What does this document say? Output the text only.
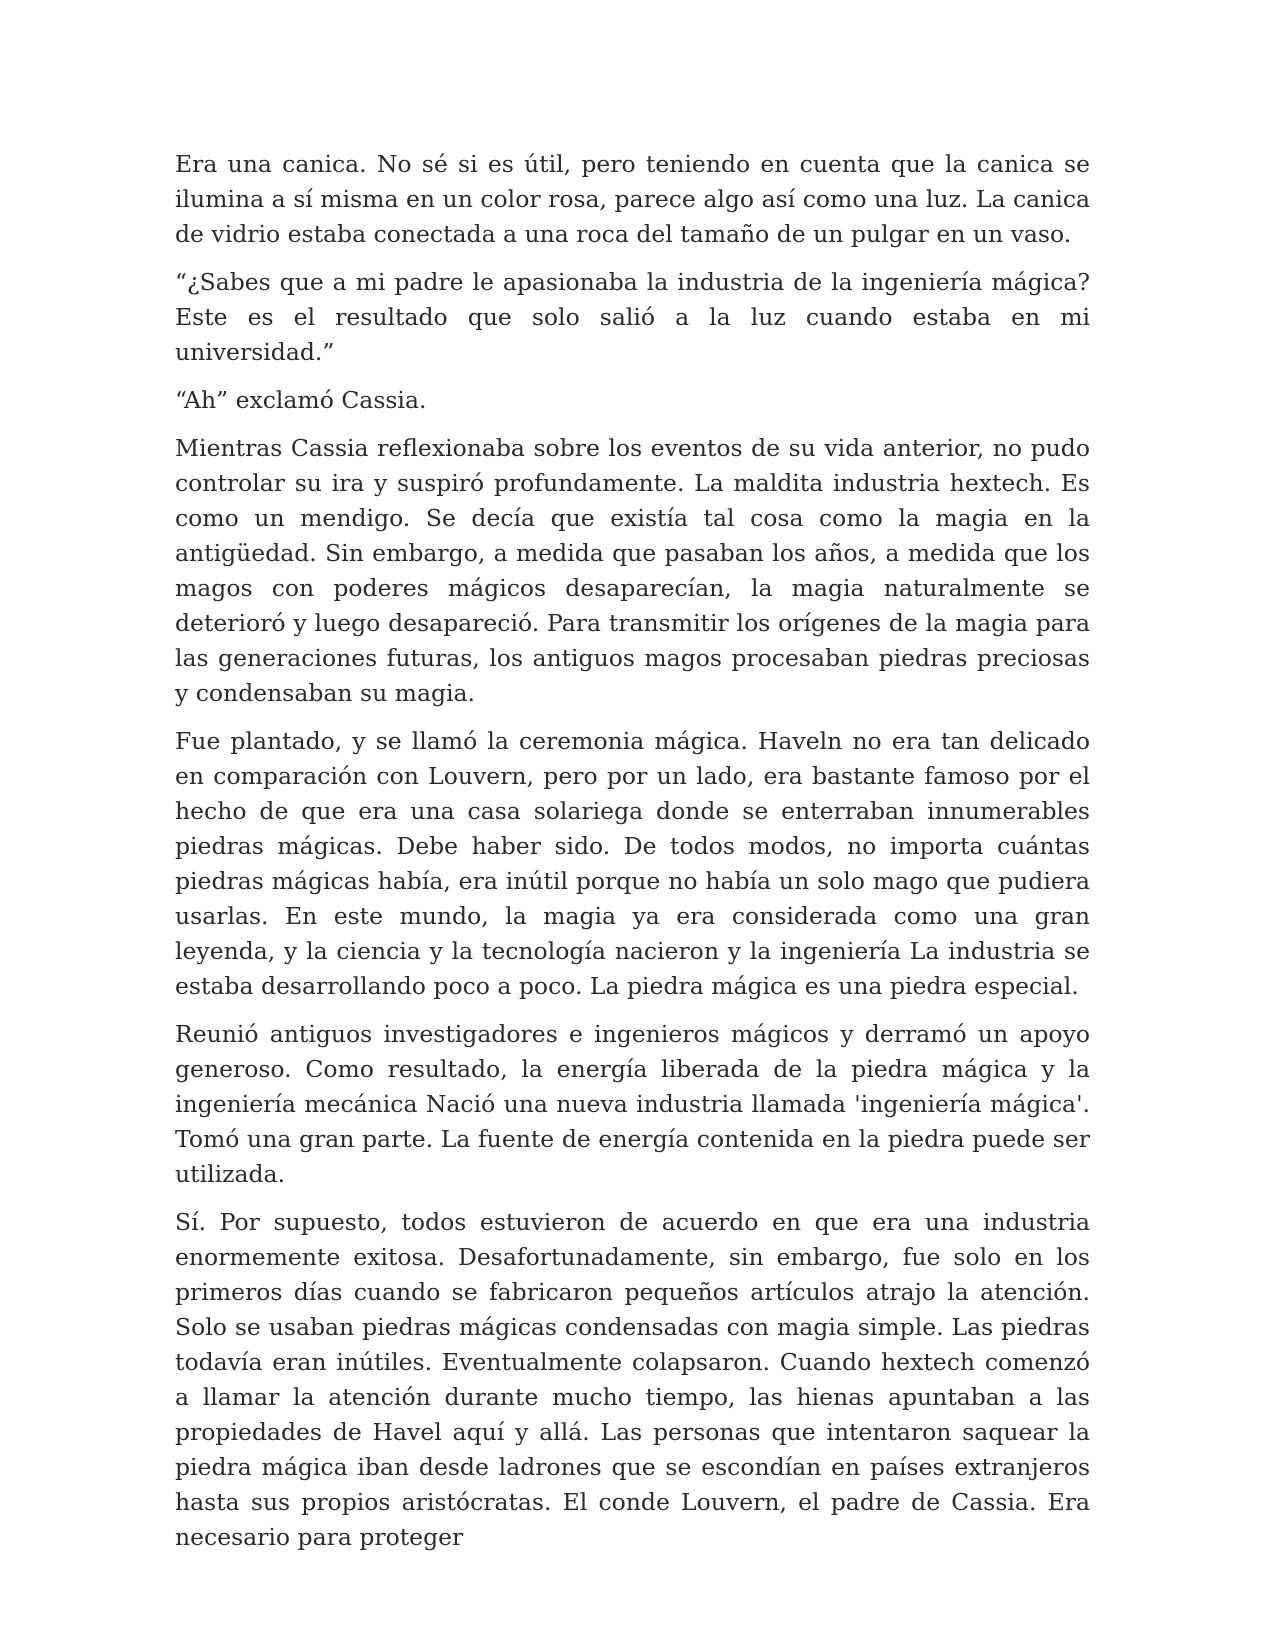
Era una canica. No sé si es útil, pero teniendo en cuenta que la canica se ilumina a sí misma en un color rosa, parece algo así como una luz. La canica de vidrio estaba conectada a una roca del tamaño de un pulgar en un vaso.

“¿Sabes que a mi padre le apasionaba la industria de la ingeniería mágica? Este es el resultado que solo salió a la luz cuando estaba en mi universidad.”

“Ah” exclamó Cassia.

Mientras Cassia reflexionaba sobre los eventos de su vida anterior, no pudo controlar su ira y suspiró profundamente. La maldita industria hextech. Es como un mendigo. Se decía que existía tal cosa como la magia en la antigüedad. Sin embargo, a medida que pasaban los años, a medida que los magos con poderes mágicos desaparecían, la magia naturalmente se deterioró y luego desapareció. Para transmitir los orígenes de la magia para las generaciones futuras, los antiguos magos procesaban piedras preciosas y condensaban su magia.

Fue plantado, y se llamó la ceremonia mágica. Haveln no era tan delicado en comparación con Louvern, pero por un lado, era bastante famoso por el hecho de que era una casa solariega donde se enterraban innumerables piedras mágicas. Debe haber sido. De todos modos, no importa cuántas piedras mágicas había, era inútil porque no había un solo mago que pudiera usarlas. En este mundo, la magia ya era considerada como una gran leyenda, y la ciencia y la tecnología nacieron y la ingeniería La industria se estaba desarrollando poco a poco. La piedra mágica es una piedra especial.

Reunió antiguos investigadores e ingenieros mágicos y derramó un apoyo generoso. Como resultado, la energía liberada de la piedra mágica y la ingeniería mecánica Nació una nueva industria llamada 'ingeniería mágica'. Tomó una gran parte. La fuente de energía contenida en la piedra puede ser utilizada.

Sí. Por supuesto, todos estuvieron de acuerdo en que era una industria enormemente exitosa. Desafortunadamente, sin embargo, fue solo en los primeros días cuando se fabricaron pequeños artículos atrajo la atención. Solo se usaban piedras mágicas condensadas con magia simple. Las piedras todavía eran inútiles. Eventualmente colapsaron. Cuando hextech comenzó a llamar la atención durante mucho tiempo, las hienas apuntaban a las propiedades de Havel aquí y allá. Las personas que intentaron saquear la piedra mágica iban desde ladrones que se escondían en países extranjeros hasta sus propios aristócratas. El conde Louvern, el padre de Cassia. Era necesario para proteger
